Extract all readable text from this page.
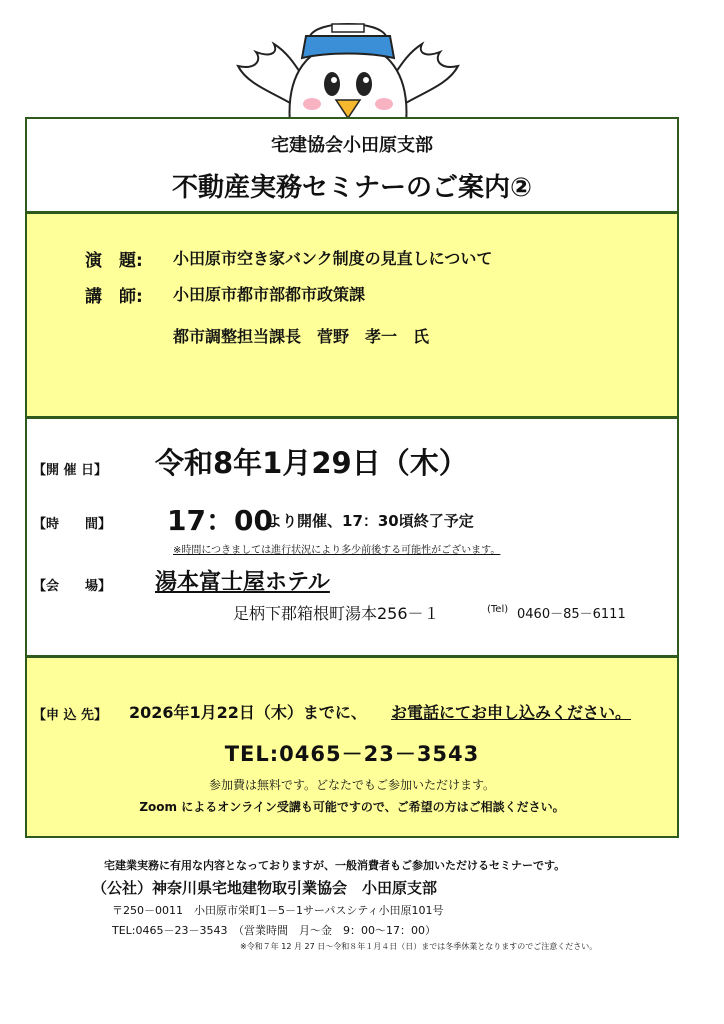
宅建協会小田原支部
不動産実務セミナーのご案内②
演　題: 小田原市空き家バンク制度の見直しについて
講　師: 小田原市都市部都市政策課
都市調整担当課長　菅野　孝一　氏
【開 催 日】 令和8年1月29日（木）
【時　　間】 17：00
より開催、17：30頃終了予定
※時間につきましては進行状況により多少前後する可能性がございます。
【会　　場】 湯本富士屋ホテル
足柄下郡箱根町湯本256－１	(Tel) 0460－85－6111
【申 込 先】 2026年1月22日（木）までに、 お電話にてお申し込みください。
TEL:0465－23－3543
参加費は無料です。どなたでもご参加いただけます。
Zoom によるオンライン受講も可能ですので、ご希望の方はご相談ください。
宅建業実務に有用な内容となっておりますが、一般消費者もご参加いただけるセミナーです。
（公社）神奈川県宅地建物取引業協会　小田原支部
〒250－0011　小田原市栄町1－5－1サーパスシティ小田原101号
TEL:0465－23－3543　（営業時間　月～金　9：00～17：00）
※令和７年 12 月 27 日～令和８年１月４日（日）までは冬季休業となりますのでご注意ください。
